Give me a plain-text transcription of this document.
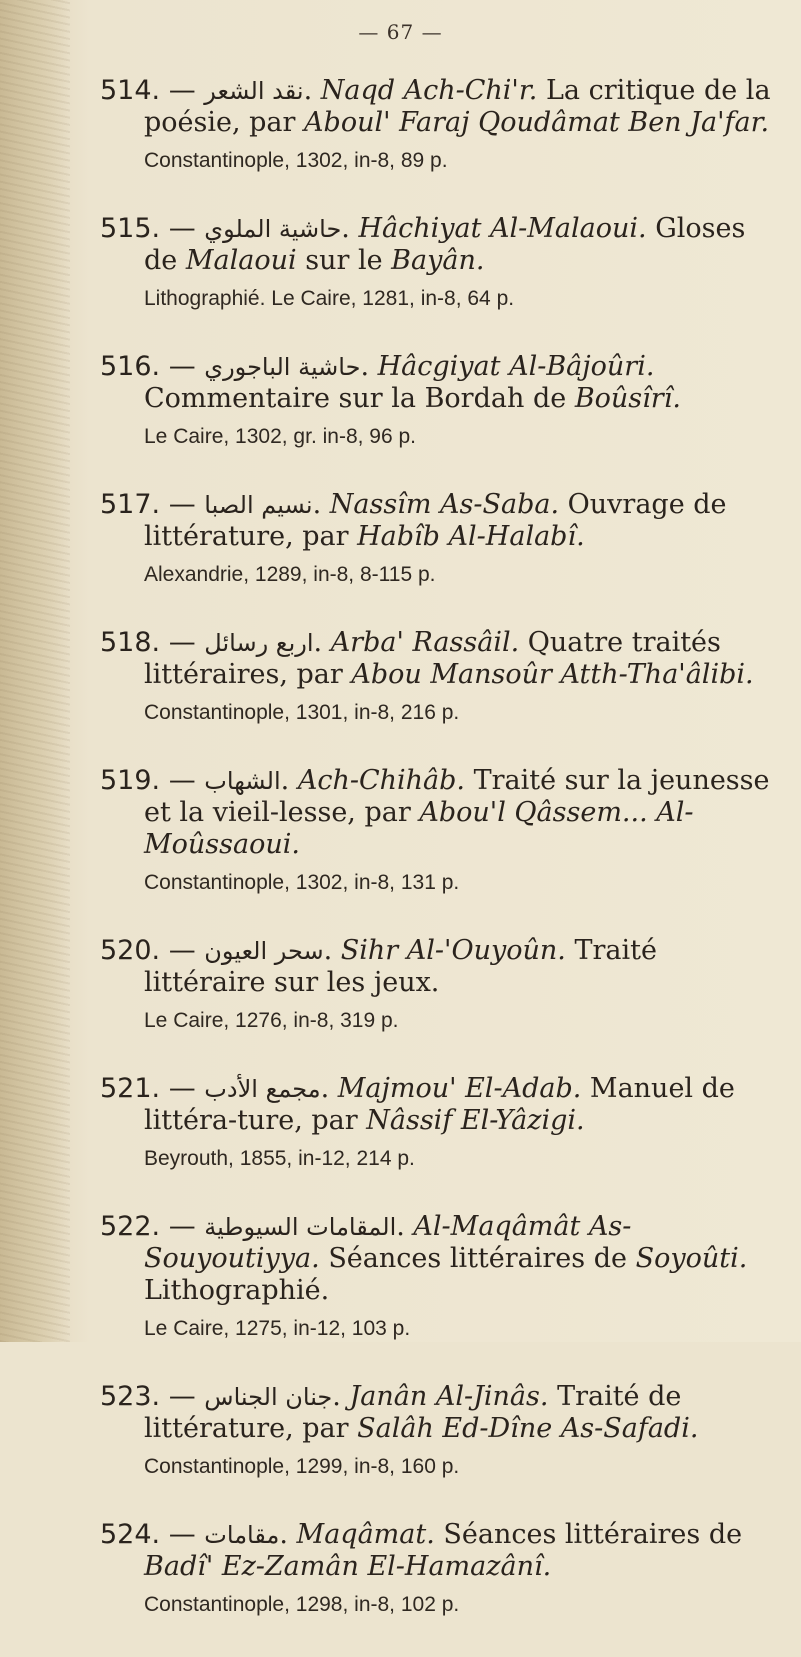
— 67 —
514. — نقد الشعر. Naqd Ach-Chi'r. La critique de la poésie, par Aboul' Faraj Qoudâmat Ben Ja'far.
Constantinople, 1302, in-8, 89 p.
515. — حاشية الملوي. Hâchiyat Al-Malaoui. Gloses de Malaoui sur le Bayân.
Lithographié. Le Caire, 1281, in-8, 64 p.
516. — حاشية الباجوري. Hâcgiyat Al-Bâjoûri. Commentaire sur la Bordah de Boûsîrî.
Le Caire, 1302, gr. in-8, 96 p.
517. — نسيم الصبا. Nassîm As-Saba. Ouvrage de littérature, par Habîb Al-Halabî.
Alexandrie, 1289, in-8, 8-115 p.
518. — اربع رسائل. Arba' Rassâil. Quatre traités littéraires, par Abou Mansoûr Atth-Tha'âlibi.
Constantinople, 1301, in-8, 216 p.
519. — الشهاب. Ach-Chihâb. Traité sur la jeunesse et la vieil-lesse, par Abou'l Qâssem... Al-Moûssaoui.
Constantinople, 1302, in-8, 131 p.
520. — سحر العيون. Sihr Al-'Ouyoûn. Traité littéraire sur les jeux.
Le Caire, 1276, in-8, 319 p.
521. — مجمع الأدب. Majmou' El-Adab. Manuel de littéra-ture, par Nâssif El-Yâzigi.
Beyrouth, 1855, in-12, 214 p.
522. — المقامات السيوطية. Al-Maqâmât As-Souyoutiyya. Séances littéraires de Soyoûti. Lithographié.
Le Caire, 1275, in-12, 103 p.
523. — جنان الجناس. Janân Al-Jinâs. Traité de littérature, par Salâh Ed-Dîne As-Safadi.
Constantinople, 1299, in-8, 160 p.
524. — مقامات. Maqâmat. Séances littéraires de Badî' Ez-Zamân El-Hamazânî.
Constantinople, 1298, in-8, 102 p.
